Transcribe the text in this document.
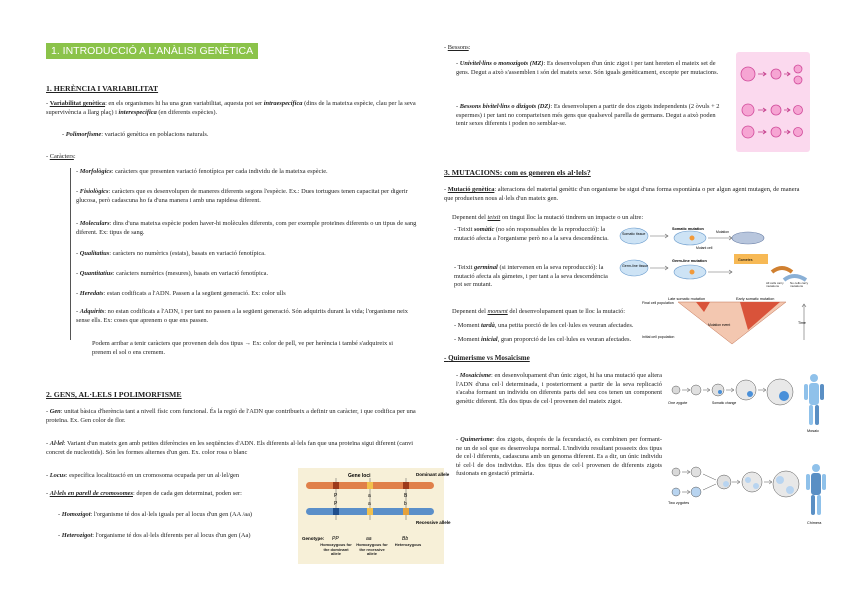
1. INTRODUCCIÓ A L'ANÀLISI GENÈTICA
1. HERÈNCIA I VARIABILITAT
- Variabilitat genètica: en els organismes hi ha una gran variabilitat, aquesta pot ser intraespecífica (dins de la mateixa espècie, clau per la seva supervivència a llarg plaç) i interespecífica (en diferents espècies).
- Polimorfisme: variació genètica en poblacions naturals.
- Caràcters:
- Morfològics: caràcters que presenten variació fenotípica per cada individu de la mateixa espècie.
- Fisiològics: caràcters que es desenvolupen de maneres diferents segons l'espècie. Ex.: Dues tortugues tenen capacitat per digerir glucosa, però cadascuna ho fa d'una manera i amb una rapidesa diferent.
- Moleculars: dins d'una mateixa espècie poden haver-hi molècules diferents, com per exemple proteïnes diferents o un tipus de sang diferent. Ex: tipus de sang.
- Qualitatius: caràcters no numèrics (estats), basats en variació fenotípica.
- Quantitatius: caràcters numèrics (mesures), basats en variació fenotípica.
- Heredats: estan codificats a l'ADN. Passen a la següent generació. Ex: color ulls
- Adquirits: no estan codificats a l'ADN, i per tant no passen a la següent generació. Són adquirits durant la vida; l'organisme neix sense ells. Ex: coses que aprenem o que ens passen.
Podem arribar a tenir caràcters que provenen dels dos tipus → Ex: color de pell, ve per herència i també s'adquireix si prenem el sol o ens cremem.
2. GENS, AL·LELS I POLIMORFISME
- Gen: unitat bàsica d'herència tant a nivell físic com funcional. És la regió de l'ADN que contribueix a definir un caràcter, i que codifica per una proteïna. Ex. Gen color de flor.
- Al·lel: Variant d'un mateix gen amb petites diferències en les seqüències d'ADN. Els diferents al·lels fan que una proteïna sigui diferent (canvi concret de nucleotids). Són les formes alternes d'un gen. Ex. color rosa o blanc
- Locus: específica localització en un cromosoma ocupada per un al·lel/gen
- Al·lels en parell de cromosomes: depen de cada gen determinat, poden ser:
- Homozigot: l'organisme té dos al·lels iguals per al locus d'un gen (AA /aa)
- Heterozigot: l'organisme té dos al·lels diferents per al locus d'un gen (Aa)
Gene loci	Dominant allele
P
P
a
a
B
b
Recessive allele
Genotype: PP	aa	Bb
Homozygous for the dominant allele
Homozygous for the recessive allele
Heterozygous
- Bessons:
- Univitel·lins o monozigots (MZ): Es desenvolupen d'un únic zigot i per tant hereten el mateix set de gens. Degut a això s'assemblen i són del mateix sexe. Són iguals genèticament, excepte per mutacions.
- Bessons bivitel·lins o dizigots (DZ): Es desenvolupen a partir de dos zigots independents (2 òvuls + 2 espermes) i per tant no comparteixen més gens que qualsevol parella de germans. Degut a això poden tenir sexes diferents i poden no semblar-se.
3. MUTACIONS: com es generen els al·lels?
- Mutació genètica: alteracions del material genètic d'un organisme be sigui d'una forma espontània o per algun agent mutagen, de manera que produeixen nous al·lels d'un mateix gen.
Depenent del teixit on tingui lloc la mutació tindrem un impacte o un altre:
- Teixit somàtic (no són responsables de la reproducció): la mutació afecta a l'organisme però no a la seva descendència.
- Teixit germinal (si intervenen en la seva reproducció): la mutació afecta als gàmetes, i per tant a la seva descendència pot ser mutant.
Somatic tissue
Germ-line tissue
Somatic mutation
Mutant cell
Germ-line mutation
Mutation
Gametes
All cells carry mutations
No cells carry mutations
Depenent del moment del desenvolupament quan te lloc la mutació:
- Moment tardà, una petita porció de les cel·lules es veuran afectades.
- Moment inicial, gran proporció de les cel·lules es veuran afectades.
Late somatic mutation	Early somatic mutation
Final cell population
Initial cell population
Mutation event	Time
- Quimerisme vs Mosaïcisme
- Mosaicisme: en desenvolupament d'un únic zigot, hi ha una mutació que altera l'ADN d'una cel·l determinada, i posteriorment a partir de la seva replicació s'acaba formant un individu on diferents parts del seu cos tenen un component genètic diferent. Els dos tipus de cel·l provenen del mateix zigot.
- Quimerisme: dos zigots, després de la fecundació, es combinen per formant-ne un de sol que es desenvolupa normal. L'individu resultant posseeix dos tipus de cel·l diferents, cadascuna amb un genoma diferent. Es a dir, un únic individu té cel·l de dos individus. Els dos tipus de cel·l provenen de diferents zigots fusionats en gestació primària.
One zygote	Somatic change
Mosaic
Two zygotes
Chimera
